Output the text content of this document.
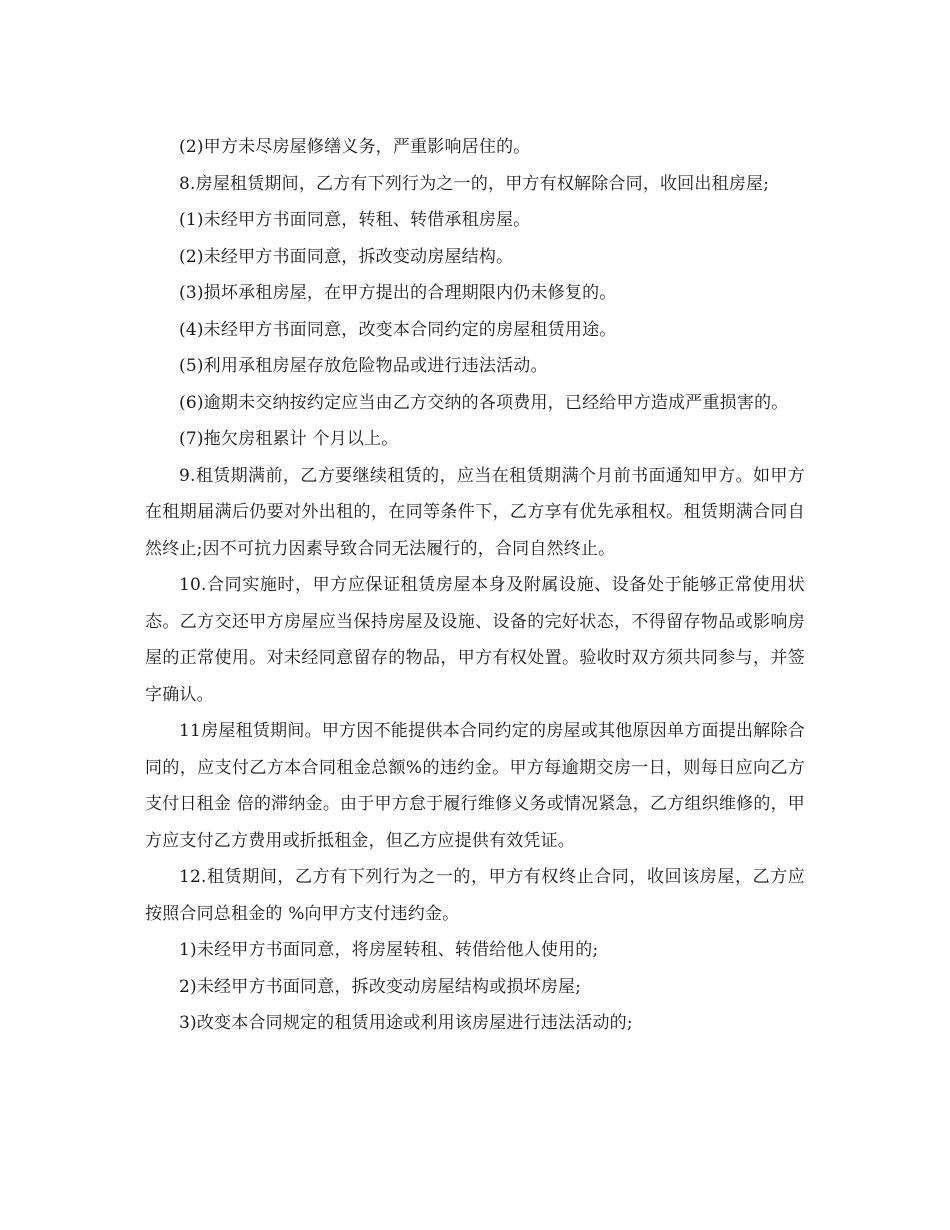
(2)甲方未尽房屋修缮义务，严重影响居住的。

8.房屋租赁期间，乙方有下列行为之一的，甲方有权解除合同，收回出租房屋;

(1)未经甲方书面同意，转租、转借承租房屋。

(2)未经甲方书面同意，拆改变动房屋结构。

(3)损坏承租房屋，在甲方提出的合理期限内仍未修复的。

(4)未经甲方书面同意，改变本合同约定的房屋租赁用途。

(5)利用承租房屋存放危险物品或进行违法活动。

(6)逾期未交纳按约定应当由乙方交纳的各项费用，已经给甲方造成严重损害的。

(7)拖欠房租累计 个月以上。

9.租赁期满前，乙方要继续租赁的，应当在租赁期满个月前书面通知甲方。如甲方在租期届满后仍要对外出租的，在同等条件下，乙方享有优先承租权。租赁期满合同自然终止;因不可抗力因素导致合同无法履行的，合同自然终止。

10.合同实施时，甲方应保证租赁房屋本身及附属设施、设备处于能够正常使用状态。乙方交还甲方房屋应当保持房屋及设施、设备的完好状态，不得留存物品或影响房屋的正常使用。对未经同意留存的物品，甲方有权处置。验收时双方须共同参与，并签字确认。

11房屋租赁期间。甲方因不能提供本合同约定的房屋或其他原因单方面提出解除合同的，应支付乙方本合同租金总额%的违约金。甲方每逾期交房一日，则每日应向乙方支付日租金 倍的滞纳金。由于甲方怠于履行维修义务或情况紧急，乙方组织维修的，甲方应支付乙方费用或折抵租金，但乙方应提供有效凭证。

12.租赁期间，乙方有下列行为之一的，甲方有权终止合同，收回该房屋，乙方应按照合同总租金的 %向甲方支付违约金。

1)未经甲方书面同意，将房屋转租、转借给他人使用的;

2)未经甲方书面同意，拆改变动房屋结构或损坏房屋;

3)改变本合同规定的租赁用途或利用该房屋进行违法活动的;
